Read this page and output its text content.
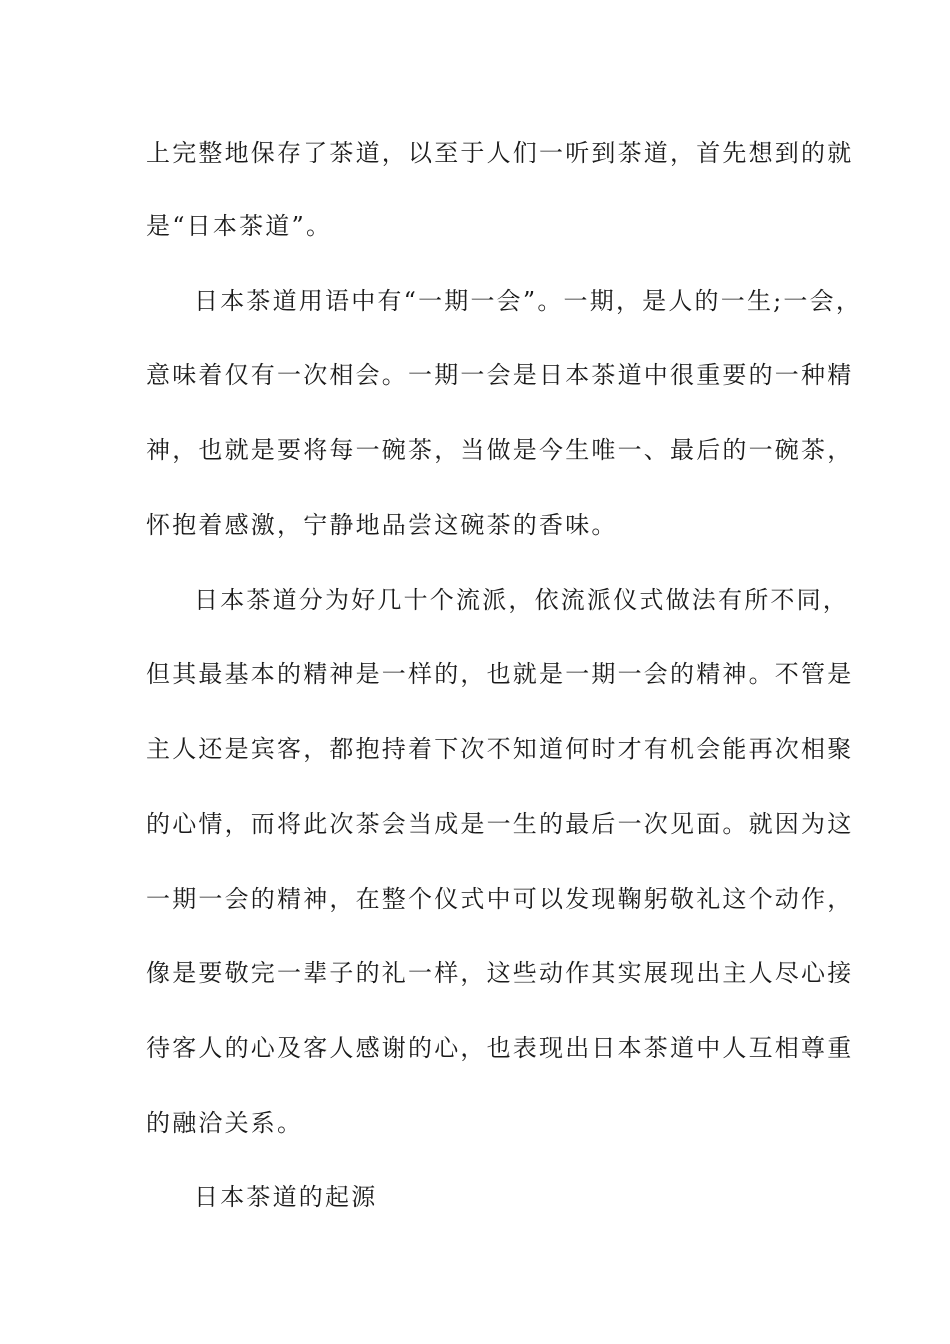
上完整地保存了茶道，以至于人们一听到茶道，首先想到的就

是“日本茶道”。

日本茶道用语中有“一期一会”。一期，是人的一生;一会，

意味着仅有一次相会。一期一会是日本茶道中很重要的一种精

神，也就是要将每一碗茶，当做是今生唯一、最后的一碗茶，

怀抱着感激，宁静地品尝这碗茶的香味。

日本茶道分为好几十个流派，依流派仪式做法有所不同，

但其最基本的精神是一样的，也就是一期一会的精神。不管是

主人还是宾客，都抱持着下次不知道何时才有机会能再次相聚

的心情，而将此次茶会当成是一生的最后一次见面。就因为这

一期一会的精神，在整个仪式中可以发现鞠躬敬礼这个动作，

像是要敬完一辈子的礼一样，这些动作其实展现出主人尽心接

待客人的心及客人感谢的心，也表现出日本茶道中人互相尊重

的融洽关系。

日本茶道的起源
